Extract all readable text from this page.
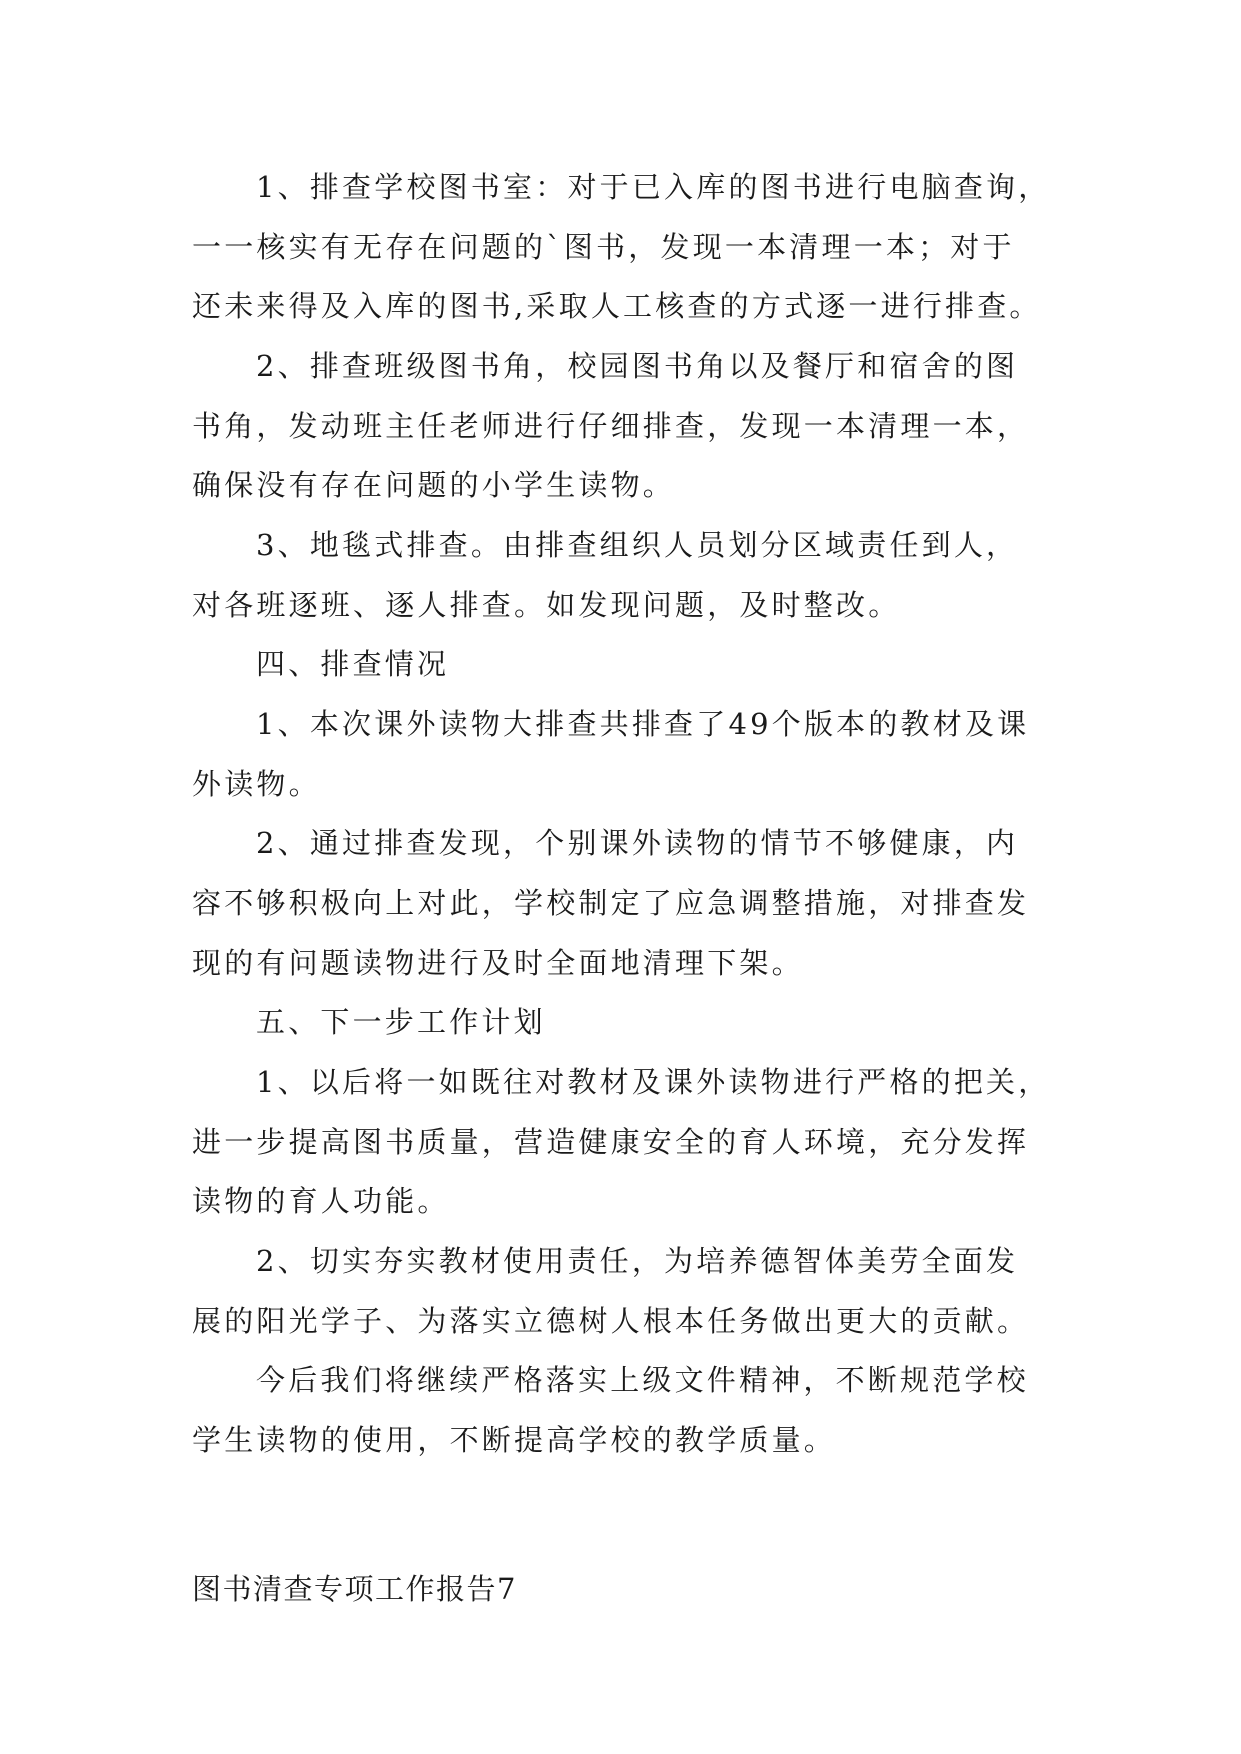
1、排查学校图书室：对于已入库的图书进行电脑查询，
一一核实有无存在问题的`图书，发现一本清理一本；对于
还未来得及入库的图书,采取人工核查的方式逐一进行排查。
2、排查班级图书角，校园图书角以及餐厅和宿舍的图
书角，发动班主任老师进行仔细排查，发现一本清理一本，
确保没有存在问题的小学生读物。
3、地毯式排查。由排查组织人员划分区域责任到人，
对各班逐班、逐人排查。如发现问题，及时整改。
四、排查情况
1、本次课外读物大排查共排查了49个版本的教材及课
外读物。
2、通过排查发现，个别课外读物的情节不够健康，内
容不够积极向上对此，学校制定了应急调整措施，对排查发
现的有问题读物进行及时全面地清理下架。
五、下一步工作计划
1、以后将一如既往对教材及课外读物进行严格的把关，
进一步提高图书质量，营造健康安全的育人环境，充分发挥
读物的育人功能。
2、切实夯实教材使用责任，为培养德智体美劳全面发
展的阳光学子、为落实立德树人根本任务做出更大的贡献。
今后我们将继续严格落实上级文件精神，不断规范学校
学生读物的使用，不断提高学校的教学质量。
图书清查专项工作报告7
